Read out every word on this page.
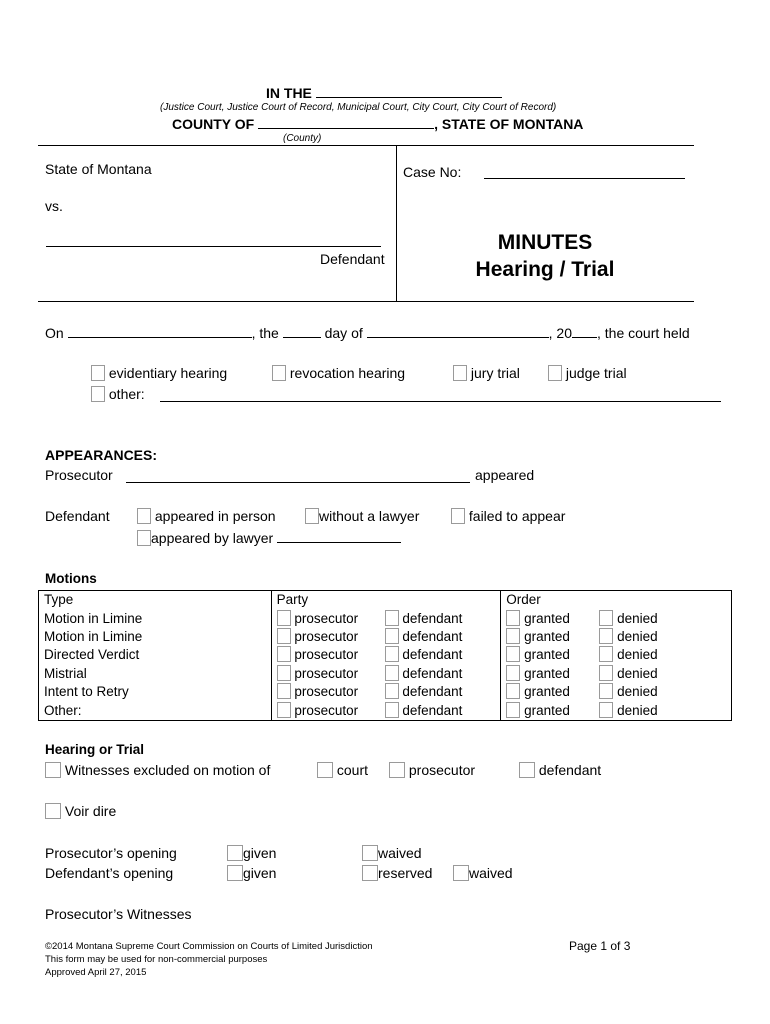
IN THE
(Justice Court, Justice Court of Record, Municipal Court, City Court, City Court of Record)
COUNTY OF	, STATE OF MONTANA
(County)
State of Montana
vs.
Defendant
Case No:
MINUTES
Hearing / Trial
On	, the	day of	, 20 , the court held
evidentiary hearing	revocation hearing	jury trial	judge trial
other:
APPEARANCES:
Prosecutor	appeared
Defendant	appeared in person	without a lawyer	failed to appear
appeared by lawyer
Motions
Type	Party	Order
Motion in Limine	prosecutor defendant	granted denied
Motion in Limine	prosecutor defendant	granted denied
Directed Verdict	prosecutor defendant	granted denied
Mistrial	prosecutor defendant	granted denied
Intent to Retry	prosecutor defendant	granted denied
Other:	prosecutor defendant	granted denied
Hearing or Trial
Witnesses excluded on motion of	court	prosecutor	defendant
Voir dire
Prosecutor’s opening	given	waived
Defendant’s opening	given	reserved	waived
Prosecutor’s Witnesses
©2014 Montana Supreme Court Commission on Courts of Limited Jurisdiction
This form may be used for non-commercial purposes
Approved April 27, 2015
Page 1 of 3
